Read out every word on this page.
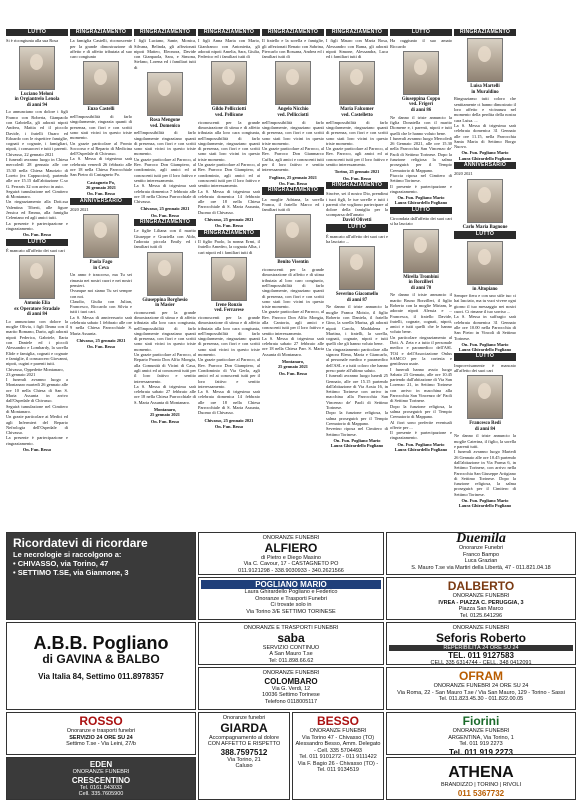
LUTTO
Si è ricongiunta alla sua Rosa
Luciano Meloni
in Orgiantrelo Lenola
di anni 94
Lo annunciano con dolore i figli Franco con Roberta, Gianpaolo con Gabriella, gli adorati nipoti Andrea, Mattia ed il piccolo Davide, i fratelli Ouaro ed Edoardo con le rispettive famiglie, cognati e cognate, i famigliari, nipoti, i consuoceri e tutti i parenti.
Chivasso, 22 gennaio 2021
I funerali avranno luogo in Chiesa mercoledì 28 gennaio alle ore 15.30 nella Chiesa Maurizio di Loreto (ex Cappuccini), partendo alle ore 15.15 dall'abitazione C.so G. Ferraris 32 con arrivo in auto.
Seguirà tumulazione nel Cimitero di Montanaro.
Un ringraziamento alla Dott.ssa Valentina Tiberti, alle figure Jessica ed Emma, alla famiglia Celentano ed agli amici tutti.
La presente è partecipazione e ringraziamento.
On. Fun. Besso
LUTTO
È mancato all'affetto dei suoi cari
Antonio Elia
ex Operatore Stradale
di anni 84
Lo annunciano con dolore la moglie Olivia, i figli Ileana con il marito Romano, Dario, agli adorati nipoti Federica, Gabriele, Ilaria con Daniele ed i piccoli Alessandro e Lombardy, la sorella Elide e famiglia, cognati e cognate e famiglie, il consuocero Giovanni, nipoti, cugini e parenti tutti.
Chivasso, Oppedette Montanaro,
23 gennaio 2021
I funerali avranno luogo a Montanaro martedì 26 gennaio alle ore 10 nella Chiesa di San S. Maria Assunta in arrivo dall'Ospedale di Chivasso.
Seguirà tumulazione nel Cimitero di Montanaro.
Un grazie particolare ai Medici ed agli Infermieri del Reparto Nefrologia dell'Ospedale di Chivasso.
La presente è partecipazione e ringraziamento.
On. Fun. Besso
RINGRAZIAMENTO
La famiglia Castelli, riconoscente per la grande dimostrazione di affetto e di affetto tributata al suo caro congiunto
Enzo Castelli
nell'impossibilità di farlo singolarmente, ringrazia quanti di presenza, con fiori e con scritti sono stati vicini in questo triste momento.
Un grazie particolare al Pronto Soccorso e al Reparto di Medicina dell'Ospedale di Chivasso.
La S. Messa di trigesima sarà celebrata venerdì 26 febbraio alle ore 18 nella Chiesa Parrocchiale San Pietro di Castagneto Po.
Castagneto Po,
26 gennaio 2021
On. Fun. Besso
ANNIVERSARIO
2020 2021
Paola Fago
in Ceva
Un anno è trascorso, ma Tu sei rimasta nei nostri cuori e nei nostri pensieri.
Ovunque noi siamo Tu sei sempre con noi.
Claudio, Giulia con Julian, Francesco, Riccardo con Silvia e tutti i tuoi cari.
La S. Messa di anniversario sarà celebrata sabato 1 febbraio alle ore 9 nella Chiesa Parrocchiale S. Maria Assunta.
Chivasso, 25 gennaio 2021
On. Fun. Besso
RINGRAZIAMENTO
I figli Luciano, Sante, Monica, Silvana, Belinda, gli affezionati nipoti Matteo, Eleonora, Davide con Gianpaola, Sara, e Simona, Stefano, Lorena ed i familiari tutti di
Rosa Mengone
ved. Domenico
nell'impossibilità di farlo singolarmente ringraziano quanti di presenza, con fiori e con scritti sono stati vicini in questo triste momento.
Un grazie particolare al Parroco, al Rev. Parroco Don Giampiero, al condominio, agli amici ed ai conoscenti tutti per il loro fattivo e sentito interessamento.
La S. Messa di trigesima sarà celebrata domenica 7 febbraio alle ore 10 nella Chiesa Parrocchiale di Chivasso.
Chivasso, 25 gennaio 2021
On. Fun. Besso
RINGRAZIAMENTO
Le figlie Liliana con il marito Giuseppe e Graziella con Aldo, l'adorata piccola Emily ed i familiari tutti di
Giuseppina Borghesio
in Masier
riconoscenti per la grande dimostrazione di stima e di affetto tributata alla loro cara congiunta, nell'impossibilità di farlo singolarmente ringraziano quanti di presenza, con fiori e con scritti sono stati vicini in questo triste momento.
Un grazie particolare al Parroco, al Reparto Pronto Don Alfio Mongia, alla Comunità di Vicini di Casa, agli amici ed ai conoscenti tutti per il loro fattivo e sentito interessamento.
La S. Messa di trigesima sarà celebrata sabato 27 febbraio alle ore 18 nella Chiesa Parrocchiale di S. Maria Assunta di Montanaro.
Montanaro,
25 gennaio 2021
On. Fun. Besso
RINGRAZIAMENTO
I figli Anna Maria con Mario, Gianfranco con Antonietta, gli adorati nipoti Amelia, Sara, Giulia, Federico ed i familiari tutti di
Gildo Pellicciotti
ved. Pellicone
riconoscenti per la grande dimostrazione di stima e di affetto tributata alla loro cara congiunta, nell'impossibilità di farlo singolarmente, ringraziano quanti di presenza, con fiori e con scritti sono stati loro vicini in questo triste momento.
Un grazie particolare al Parroco, al Rev. Parroco Don Giampiero, al condominio, agli amici ed ai conoscenti tutti per il loro fattivo e sentito interessamento.
La S. Messa di trigesima sarà celebrata domenica 14 febbraio alle ore 18 nella Chiesa Parrocchiale di S. Maria Assunta, Duomo di Chivasso.
Chivasso, 25 gennaio 2021
On. Fun. Besso
RINGRAZIAMENTO
Il figlio Paolo, la nonna Ermi, il fratello Amedeo, la cognata Alba, i cari nipoti ed i familiari tutti di
Irene Ronzio
ved. Ferrarese
riconoscenti per la grande dimostrazione di stima e di affetto tributata alla loro cara congiunta, nell'impossibilità di farlo singolarmente, ringraziano quanti di presenza, con fiori e con scritti sono stati vicini in questo triste momento.
Un grazie particolare al Parroco, al Rev. Parroco Don Giampiero, al Condominio di Via Gerla, agli amici ed ai conoscenti tutti per il loro fattivo e sentito interessamento.
La S. Messa di trigesima sarà celebrata domenica 14 febbraio alle ore 18 nella Chiesa Parrocchiale di S. Maria Assunta, Duomo di Chivasso.
Chivasso, 25 gennaio 2021
On. Fun. Besso
RINGRAZIAMENTO
Il fratello e la sorella e famiglie, gli affezionati Renato con Sabrina, Piercarlo con Rossana, Andrea ed i familiari tutti di
Angelo Nicchio
ved. Pellicciotti
nell'impossibilità di farlo singolarmente, ringraziano quanti di presenza, con fiori e con scritti sono stati loro vicini in questo triste momento.
Un grazie particolare al Parroco, al Rev. Parroco Don Gianmarco Cuffia, agli amici e conoscenti tutti per il loro fattivo e sentito interessamento.
Foglizzo, 25 gennaio 2021
On. Fun. Besso
RINGRAZIAMENTO
La moglie Adriana, la sorella Franca, il fratello Marco ed i familiari tutti di
Benito Visentin
riconoscenti per la grande dimostrazione di affetto e di stima tributata al loro caro congiunto, nell'impossibilità di farlo singolarmente, ringraziano quanti di presenza, con fiori e con scritti sono stati loro vicini in questo triste momento.
Un grazie particolare al Parroco, al Rev. Parroco Don Alfio Mongia, alla Cantoria, agli amici e conoscenti tutti per il loro fattivo e sentito interessamento.
La S. Messa di trigesima sarà celebrata sabato 27 febbraio alle ore 18 nella Chiesa Parr. S. Maria Assunta di Montanaro.
Montanaro,
25 gennaio 2021
On. Fun. Besso
RINGRAZIAMENTO
I figli Mauro con Maria Rosa, Alessandro con Rama, gli adorati nipoti Simone, Alessandra, Luca ed i familiari tutti di
Maria Falcomer
ved. Castelletto
nell'impossibilità di farlo singolarmente, ringraziano quanti di presenza, con fiori e con scritti sono stati loro vicini in questo triste momento.
Un grazie particolare al Parroco, al Rev. Parroco, agli amici ed ai conoscenti tutti per il loro fattivo e sentito interessamento.
Torino, 25 gennaio 2021
On. Fun. Besso
RINGRAZIAMENTO
Sincère, sei il nostro Dio, prendimi i tuoi figli, le tue sorelle e tutti i parenti che vogliono partecipare al dolore della famiglia per la scomparsa dell'amato
David Olivetti
LUTTO
È mancato all'affetto dei suoi cari e ha lasciato ...
Severino Giacomello
di anni 87
Ne danno il triste annuncio la moglie Franca Moisio, il figlio Roberto con Daniela, il fratello Gino, la sorella Marisa, gli adorati nipoti Carola, Maddalena e Martina, i fratelli, la sorella, cognati, cognate, nipoti e tutti quelli che gli hanno voluto bene.
Un ringraziamento particolare alla signora Elena, Maria e Giancarlo, al personale medico e paramedico dell'ASL e a tutti coloro che hanno preso parte all'ultimo saluto.
I funerali avranno luogo lunedì 25 Gennaio, alle ore 15.15 partendo dall'abitazione di Via Aosta 16, in Settimo Torinese con arrivo in macchina alla Parrocchia San Vincenzo de' Paoli di Settimo Torinese.
Dopo la funzione religiosa, la salma proseguirà per il Tempio Crematorio di Mappano.
Severino riposa nel Cimitero di Settimo Torinese.
On. Fun. Pogliano Mario
Laura Ghirardello Pogliano
LUTTO
Ha raggiunto il suo amato Riccardo
Giuseppina Coppo
ved. Frigeri
di anni 86
Ne danno il triste annuncio la figlia Donatella con il marito Diomene e, i parenti, nipoti e tutti quelli che le hanno voluto bene.
I funerali avranno luogo Mercoledì 26 Gennaio 2021, alle ore 15.30 nella Parrocchia San Vincenzo de' Paoli di Settimo Torinese. Dopo la funzione religiosa la salma proseguirà per il Tempio Crematorio di Mappano.
Piuccia riposa nel Cimitero di Settimo Torinese.
Il presente è partecipazione e ringraziamento.
On. Fun. Pogliano Mario
Laura Ghirardello Pogliano
LUTTO
Circondata dall'affetto dei suoi cari si ha lasciato
Mirella Trombini
in Borzilleri
di anni 70
Ne danno il triste annuncio il marito Bruno Borzilleri, il figlio Roberto con la moglie Miriam, le adorate nipoti Alessia e ... Francesca, il fratello Davide, fratelli, cognate, cognati, nipoti, amici e tutti quelli che le hanno voluto bene.
Un particolare ringraziamento al Dott. A. Zeta e a tutto il personale medico e paramedico dell'ASL TO4 e dell'Associazione Onlus SAMCO per la cortesia e gentilezza usate.
I funerali hanno avuto luogo Sabato 23 Gennaio, alle ore 10.45 partendo dall'abitazione di Via San Lorenzo 21, in Settimo Torinese con arrivo in macchina alla Parrocchia San Vincenzo de' Paoli di Settimo Torinese.
Dopo la funzione religiosa, la salma proseguirà per il Tempio Crematorio di Mappano.
Al fiori sono preferite eventuali offerte per ...
Il presente è partecipazione e ringraziamento.
On. Fun. Pogliano Mario
Laura Ghirardello Pogliano
RINGRAZIAMENTO
Luisa Martelli
in Muraldino
Ringraziamo tutti coloro che sentitamente ci hanno dimostrato il loro affetto e vicinanza nel momento della perdita della nostra cara Luisa. ...
La S. Messa di trigesima sarà celebrata domenica 31 Gennaio alle ore 11.15, nella Parrocchia Santa Maria di Settimo Borgo Nuovo.
On. Fun. Pogliano Mario
Laura Ghirardello Pogliano
ANNIVERSARIO
2020 2021
Carlo Maria Bagnone
LUTTO
in Altopiano
Sempre fiera e con uno stile tuo ci hai lasciato, ma tu vuoi vivere ogni giorno il tuo messaggio nei nostri cuori. Ci rimane il tuo sorriso ...
La S. Messa in suffragio sarà celebrata domenica 31 Gennaio alle ore 10.00 nella Parrocchia di San Pietro in Vincoli di Settimo Torinese.
On. Fun. Pogliano Mario
Laura Ghirardello Pogliano
LUTTO
Improvvisamente è mancato all'affetto dei suoi cari
Francesco Redi
di anni 84
Ne danno il triste annuncio la moglie Caterina, il figlio, la sorella e parenti tutti.
I funerali avranno luogo Martedì 26 Gennaio alle ore 10.45 partendo dall'abitazione in Via Parma 6, in Settimo Torinese, con arrivo nella Parrocchia San Giuseppe Artigiano di Settimo Torinese. Dopo la funzione religiosa, la salma proseguirà per il Cimitero di Settimo Torinese.
On. Fun. Pogliano Mario
Laura Ghirardello Pogliano
Ricordatevi di ricordare
Le necrologie si raccolgono a:
• CHIVASSO, via Torino, 47
• SETTIMO T.SE, via Giannone, 3
ONORANZE FUNEBRI
ALFIERO
di Pietro e Diego Masino
Via C. Cavour, 17 - CASTAGNETO PO
011.9121298 - 338.9030933 - 340.2621566
Duemila
Onoranze Funebri
Franco Bampo
Luca Grazian
S. Mauro T.se via Martiri della Libertà, 47 - 011.821.04.18
A.B.B. Pogliano
di GAVINA & BALBO
Via Italia 84, Settimo 011.8978357
POGLIANO MARIO
Laura Ghirardello Pogliano e Federico
Onoranze e Trasporti Funebri
Ci trovate solo in
Via Torino 3/E SETTIMO TORINESE
DALBERTO
ONORANZE FUNEBRI
IVREA - PIAZZA C. PERUGGIA, 3
Piazza San Marco
Tel. 0125.641296
ONORANZE E TRASPORTI FUNEBRI
saba
SERVIZIO CONTINUO
A San Mauro T.se
Tel: 011.898.66.62
ONORANZE FUNEBRI
Seforis Roberto
REPERIBILITÀ 24 ORE SU 24
TEL. 011 9127583
CELL 335 6314744 - CELL. 348 0412091
ROSSO
Onoranze e trasporti funebri
SERVIZIO 24 ORE SU 24
Settimo T.se - Via Leini, 27/b
ONORANZE FUNEBRI
COLOMBARO
Via G. Verdi, 12
10036 Settimo Torinese
Telefono 0118005117
OFRAM
ONORANZE FUNEBRI 24 ORE SU 24
Via Roma, 22 - San Mauro T.se / Via San Mauro, 129 - Torino - Sassi
Tel. 011.823.45.30 - 011.822.00.05
EDEN
ONORANZE FUNEBRI
CRESCENTINO
Tel. 0161.843033
Cell. 335.7605900
Onoranze funebri
GIARDA
Accompagnamento al dolore
CON AFFETTO E RISPETTO
388.7597512
Via Torino, 21
Caluso
BESSO
ONORANZE FUNEBRI
Via Torino 47 - Chivasso (TO)
Alessandro Besso, Amm. Delegato - Cell. 335 5704493
Tel. 011 9101272 - 011 9111422
Via F. Bagio 26 - Chivasso (TO) - Tel. 011 9134519
Fiorini
ONORANZE FUNEBRI
ARGENTINA, Via Torino, 1
Tel. 011 919 2273
Tel. 011 919 2273
ATHENA
BRANDIZZO | TORINO | RIVOLI
011 5367732
